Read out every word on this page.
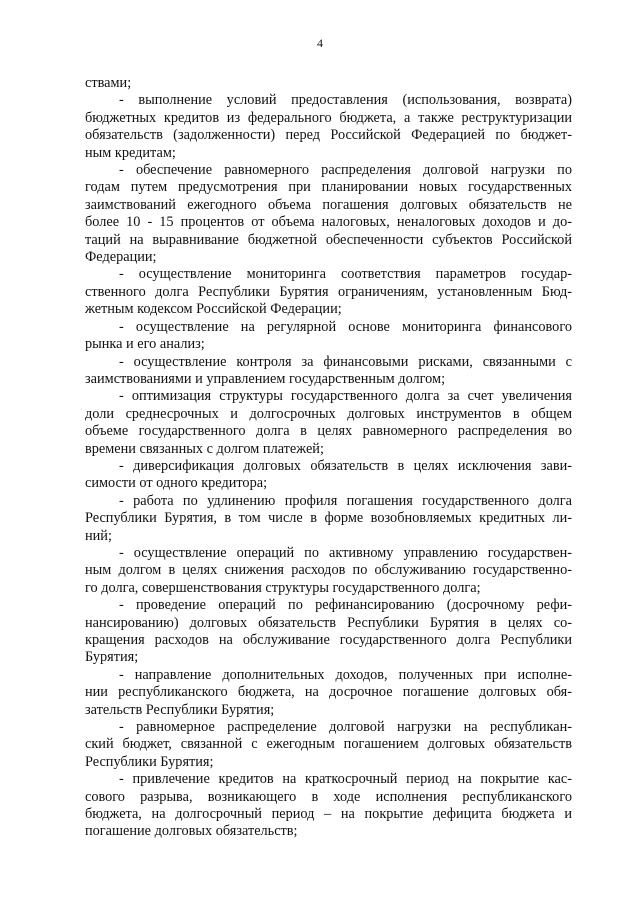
4
ствами;
- выполнение условий предоставления (использования, возврата)
бюджетных кредитов из федерального бюджета, а также реструктуризации
обязательств (задолженности) перед Российской Федерацией по бюджет-
ным кредитам;
- обеспечение равномерного распределения долговой нагрузки по
годам путем предусмотрения при планировании новых государственных
заимствований ежегодного объема погашения долговых обязательств не
более 10 - 15 процентов от объема налоговых, неналоговых доходов и до-
таций на выравнивание бюджетной обеспеченности субъектов Российской
Федерации;
- осуществление мониторинга соответствия параметров государ-
ственного долга Республики Бурятия ограничениям, установленным Бюд-
жетным кодексом Российской Федерации;
- осуществление на регулярной основе мониторинга финансового
рынка и его анализ;
- осуществление контроля за финансовыми рисками, связанными с
заимствованиями и управлением государственным долгом;
- оптимизация структуры государственного долга за счет увеличения
доли среднесрочных и долгосрочных долговых инструментов в общем
объеме государственного долга в целях равномерного распределения во
времени связанных с долгом платежей;
- диверсификация долговых обязательств в целях исключения зави-
симости от одного кредитора;
- работа по удлинению профиля погашения государственного долга
Республики Бурятия, в том числе в форме возобновляемых кредитных ли-
ний;
- осуществление операций по активному управлению государствен-
ным долгом в целях снижения расходов по обслуживанию государственно-
го долга, совершенствования структуры государственного долга;
- проведение операций по рефинансированию (досрочному рефи-
нансированию) долговых обязательств Республики Бурятия в целях со-
кращения расходов на обслуживание государственного долга Республики
Бурятия;
- направление дополнительных доходов, полученных при исполне-
нии республиканского бюджета, на досрочное погашение долговых обя-
зательств Республики Бурятия;
- равномерное распределение долговой нагрузки на республикан-
ский бюджет, связанной с ежегодным погашением долговых обязательств
Республики Бурятия;
- привлечение кредитов на краткосрочный период на покрытие кас-
сового разрыва, возникающего в ходе исполнения республиканского
бюджета, на долгосрочный период – на покрытие дефицита бюджета и
погашение долговых обязательств;
